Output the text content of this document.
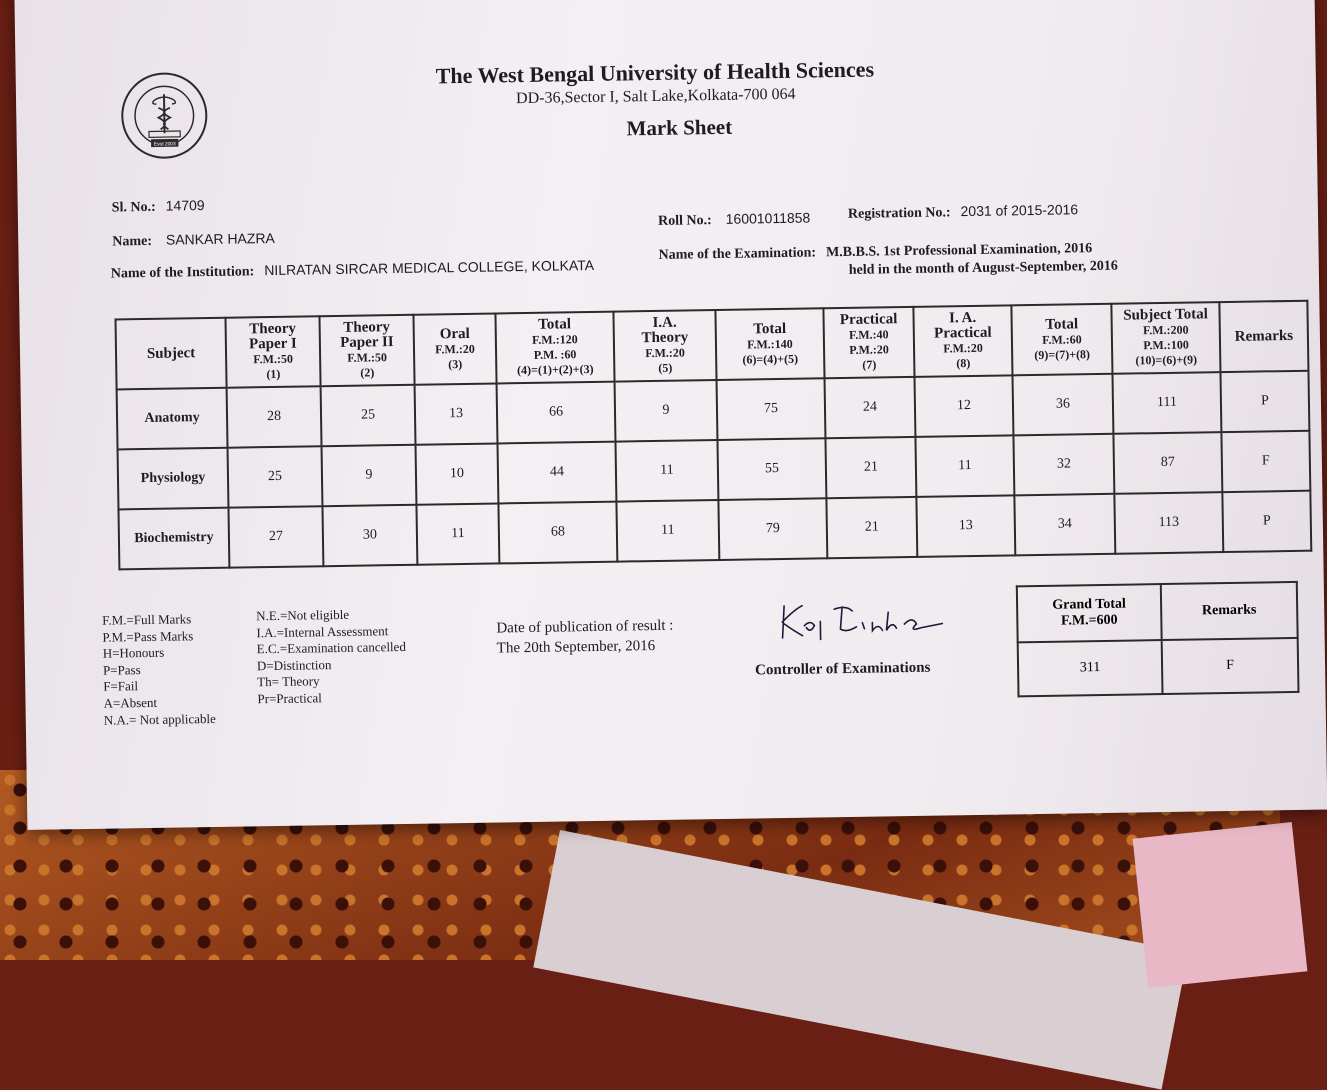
Estd 2003
The West Bengal University of Health Sciences
DD-36,Sector I, Salt Lake,Kolkata-700 064
Mark Sheet
Sl. No.: 14709
Name: SANKAR HAZRA
Roll No.: 16001011858	Registration No.: 2031 of 2015-2016
Name of the Institution: NILRATAN SIRCAR MEDICAL COLLEGE, KOLKATA
Name of the Examination: M.B.B.S. 1st Professional Examination, 2016
held in the month of August-September, 2016
Subject	Theory
Paper I
F.M.:50
(1)	Theory
Paper II
F.M.:50
(2)	Oral
F.M.:20
(3)	Total
F.M.:120
P.M. :60
(4)=(1)+(2)+(3)	I.A.
Theory
F.M.:20
(5)	Total
F.M.:140
(6)=(4)+(5)	Practical
F.M.:40
P.M.:20
(7)	I. A.
Practical
F.M.:20
(8)	Total
F.M.:60
(9)=(7)+(8)	Subject Total
F.M.:200
P.M.:100
(10)=(6)+(9)	Remarks
Anatomy	28	25	13	66	9	75	24	12	36	111	P
Physiology	25	9	10	44	11	55	21	11	32	87	F
Biochemistry	27	30	11	68	11	79	21	13	34	113	P
F.M.=Full Marks
P.M.=Pass Marks
H=Honours
P=Pass
F=Fail
A=Absent
N.A.= Not applicable
N.E.=Not eligible
I.A.=Internal Assessment
E.C.=Examination cancelled
D=Distinction
Th= Theory
Pr=Practical
Date of publication of result :
The 20th September, 2016
Controller of Examinations
Grand Total
F.M.=600	Remarks
311	F
